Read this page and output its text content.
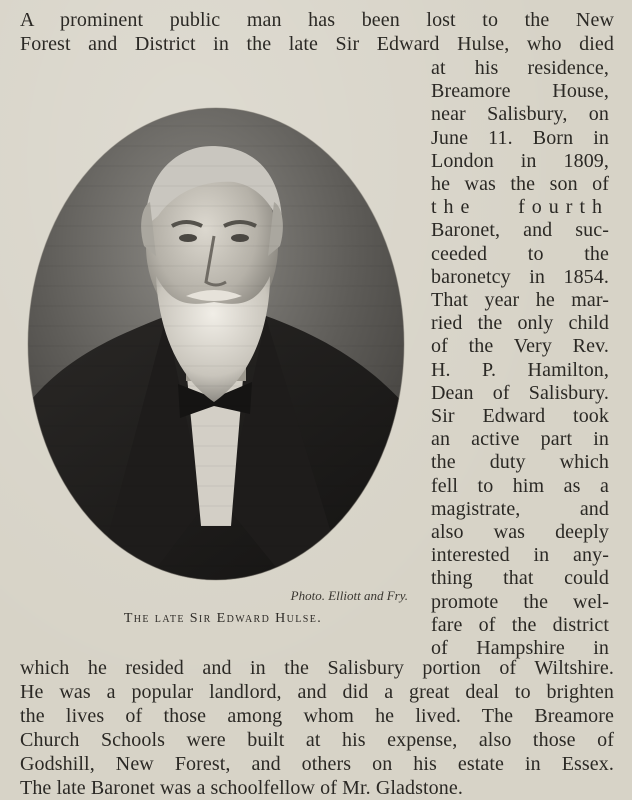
A prominent public man has been lost to the New
Forest and District in the late Sir Edward Hulse, who died
at his residence,
Breamore House,
near Salisbury, on
June 11. Born in
London in 1809,
he was the son of
the fourth
Baronet, and suc-
ceeded to the
baronetcy in 1854.
That year he mar-
ried the only child
of the Very Rev.
H. P. Hamilton,
Dean of Salisbury.
Sir Edward took
an active part in
the duty which
fell to him as a
magistrate, and
also was deeply
interested in any-
thing that could
promote the wel-
fare of the district
of Hampshire in
which he resided and in the Salisbury portion of Wiltshire.
He was a popular landlord, and did a great deal to brighten
the lives of those among whom he lived. The Breamore
Church Schools were built at his expense, also those of
Godshill, New Forest, and others on his estate in Essex.
The late Baronet was a schoolfellow of Mr. Gladstone.
Photo. Elliott and Fry.
The late Sir Edward Hulse.
